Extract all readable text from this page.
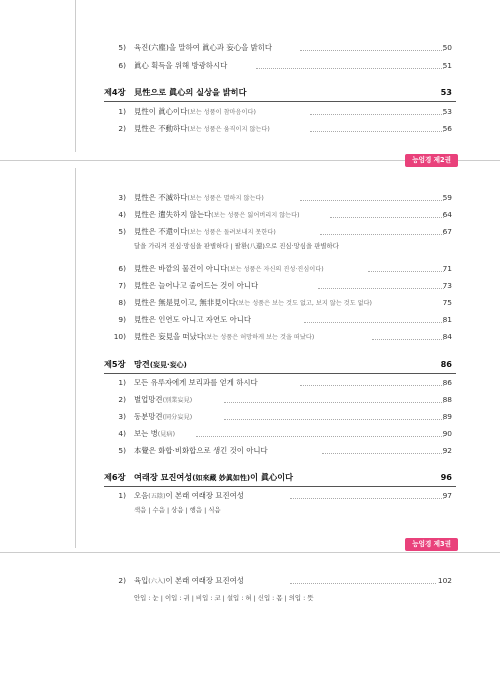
5) 육진(六塵)을 말하여 眞心과 妄心을 밝히다	50
6) 眞心 획득을 위해 방광하시다	51
제4장 見性으로 眞心의 실상을 밝히다	53
1) 見性이 眞心이다(보는 성품이 참마음이다)	53
2) 見性은 不動하다(보는 성품은 움직이지 않는다)	56
능엄경 제2권
3) 見性은 不滅하다(보는 성품은 멸하지 않는다)	59
4) 見性은 遺失하지 않는다(보는 성품은 잃어버리지 않는다)	64
5) 見性은 不還이다(보는 성품은 돌려보내지 못한다)	67
달을 가리켜 진심·망심을 판별하다 | 팔환(八還)으로 진심·망심을 판별하다
6) 見性은 바깥의 물건이 아니다(보는 성품은 자신의 진성·진심이다)	71
7) 見性은 늘어나고 줄어드는 것이 아니다	73
8) 見性은 無是見이고, 無非見이다(보는 성품은 보는 것도 없고, 보지 않는 것도 없다)	75
9) 見性은 인연도 아니고 자연도 아니다	81
10) 見性은 妄見을 떠났다(보는 성품은 허망하게 보는 것을 떠났다)	84
제5장 망견(妄見·妄心)	86
1) 모든 유루자에게 보리과를 얻게 하시다	86
2) 별업망견(別業妄見)	88
3) 동분망견(同分妄見)	89
4) 보는 병(見病)	90
5) 本覺은 화합·비화합으로 생긴 것이 아니다	92
제6장 여래장 묘진여성(如來藏 妙眞如性)이 眞心이다	96
1) 오음(五陰)이 본래 여래장 묘진여성	97
색음 | 수음 | 상음 | 행음 | 식음
능엄경 제3권
2) 육입(六入)이 본래 여래장 묘진여성	102
안입 : 눈 | 이입 : 귀 | 비입 : 코 | 설입 : 혀 | 신입 : 몸 | 의입 : 뜻
